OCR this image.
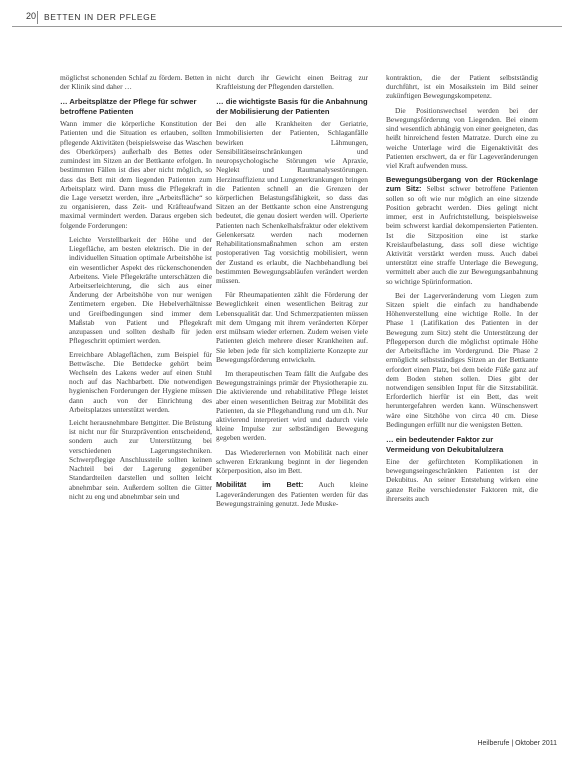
20 BETTEN IN DER PFLEGE

möglichst schonenden Schlaf zu fördern. Betten in der Klinik sind daher …

… Arbeitsplätze der Pflege für schwer betroffene Patienten

Wann immer die körperliche Konstitution der Patienten und die Situation es erlauben, sollten pflegende Aktivitäten (beispielsweise das Waschen des Oberkörpers) außerhalb des Bettes oder zumindest im Sitzen an der Bettkante erfolgen. In bestimmten Fällen ist dies aber nicht möglich, so dass das Bett mit dem liegenden Patienten zum Arbeitsplatz wird. Dann muss die Pflegekraft in die Lage versetzt werden, ihre „Arbeitsfläche“ so zu organisieren, dass Zeit- und Kräfteaufwand maximal vermindert werden. Daraus ergeben sich folgende Forderungen:

• Leichte Verstellbarkeit der Höhe und der Liegefläche, am besten elektrisch. Die in der individuellen Situation optimale Arbeitshöhe ist ein wesentlicher Aspekt des rückenschonenden Arbeitens. Viele Pflegekräfte unterschätzen die Arbeitserleichterung, die sich aus einer Änderung der Arbeitshöhe von nur wenigen Zentimetern ergeben. Die Hebelverhältnisse und Greifbedingungen sind immer dem Maßstab von Patient und Pflegekraft anzupassen und sollten deshalb für jeden Pflegeschritt optimiert werden.
• Erreichbare Ablageflächen, zum Beispiel für Bettwäsche. Die Bettdecke gehört beim Wechseln des Lakens weder auf einen Stuhl noch auf das Nachbarbett. Die notwendigen hygienischen Forderungen der Hygiene müssen dann auch von der Einrichtung des Arbeitsplatzes unterstützt werden.
• Leicht herausnehmbare Bettgitter. Die Brüstung ist nicht nur für Sturzprävention entscheidend, sondern auch zur Unterstützung bei verschiedenen Lagerungstechniken. Schwerpflegige Anschlussteile sollten keinen Nachteil bei der Lagerung gegenüber Standardteilen darstellen und sollten leicht abnehmbar sein. Außerdem sollten die Gitter nicht zu eng und abnehmbar sein und

nicht durch ihr Gewicht einen Beitrag zur Kraftleistung der Pflegenden darstellen.

… die wichtigste Basis für die Anbahnung der Mobilisierung der Patienten

Bei den alle Krankheiten der Geriatrie, Immobilisierten der Patienten, Schlaganfälle bewirken Lähmungen, Sensibilitätseinschränkungen und neuropsychologische Störungen wie Apraxie, Neglekt und Raumanalysestörungen. Herzinsuffizienz und Lungenerkrankungen bringen die Patienten schnell an die Grenzen der körperlichen Belastungsfähigkeit, so dass das Sitzen an der Bettkante schon eine Anstrengung bedeutet, die genau dosiert werden will. Operierte Patienten nach Schenkelhalsfraktur oder elektivem Gelenkersatz werden nach modernen Rehabilitationsmaßnahmen schon am ersten postoperativen Tag vorsichtig mobilisiert, wenn der Zustand es erlaubt, die Nachbehandlung bei bestimmten Bewegungsabläufen verändert werden müssen.

Für Rheumapatienten zählt die Förderung der Beweglichkeit einen wesentlichen Beitrag zur Lebensqualität dar. Und Schmerzpatienten müssen mit dem Umgang mit ihrem veränderten Körper erst mühsam wieder erlernen. Zudem weisen viele Patienten gleich mehrere dieser Krankheiten auf. Sie leben jede für sich komplizierte Konzepte zur Bewegungsförderung entwickeln.

Im therapeutischen Team fällt die Aufgabe des Bewegungstrainings primär der Physiotherapie zu. Die aktivierende und rehabilitative Pflege leistet aber einen wesentlichen Beitrag zur Mobilität des Patienten, da sie Pflegehandlung rund um d.h. Nur aktivierend interpretiert wird und dadurch viele kleine Impulse zur selbständigen Bewegung gegeben werden.

Das Wiedererlernen von Mobilität nach einer schweren Erkrankung beginnt in der liegenden Körperposition, also im Bett.

Mobilität im Bett: Auch kleine Lageveränderungen des Patienten werden für das Bewegungstraining genutzt. Jede Muske-

kontraktion, die der Patient selbstständig durchführt, ist ein Mosaikstein im Bild seiner zukünftigen Bewegungskompetenz.

Die Positionswechsel werden bei der Bewegungsförderung von Liegenden. Bei einem sind wesentlich abhängig von einer geeigneten, das heißt hinreichend festen Matratze. Durch eine zu weiche Unterlage wird die Eigenaktivität des Patienten erschwert, da er für Lageveränderungen viel Kraft aufwenden muss.

Bewegungsübergang von der Rückenlage zum Sitz: Selbst schwer betroffene Patienten sollen so oft wie nur möglich an eine sitzende Position gebracht werden. Dies gelingt nicht immer, erst in Aufrichtstellung, beispielsweise beim schwerst kardial dekompensierten Patienten. Ist die Sitzposition eine ist starke Kreislaufbelastung, dass soll diese wichtige Aktivität verstärkt werden muss. Auch dabei unterstützt eine straffe Unterlage die Bewegung, vermittelt aber auch die zur Bewegungsanbahnung so wichtige Spürinformation.

Bei der Lagerveränderung vom Liegen zum Sitzen spielt die einfach zu handhabende Höhenverstellung eine wichtige Rolle. In der Phase 1 (Latifikation des Patienten in der Bewegung zum Sitz) steht die Unterstützung der Pflegeperson durch die möglichst optimale Höhe der Arbeitsfläche im Vordergrund. Die Phase 2 ermöglicht selbstständiges Sitzen an der Bettkante erfordert einen Platz, bei dem beide Füße ganz auf dem Boden stehen sollen. Dies gibt der notwendigen sensiblen Input für die Sitzstabilität. Erforderlich hierfür ist ein Bett, das weit heruntergefahren werden kann. Wünschenswert wäre eine Sitzhöhe von circa 40 cm. Diese Bedingungen erfüllt nur die wenigsten Betten.

… ein bedeutender Faktor zur Vermeidung von Dekubitalulzera

Eine der gefürchteten Komplikationen in bewegungseingeschränkten Patienten ist der Dekubitus. An seiner Entstehung wirken eine ganze Reihe verschiedenster Faktoren mit, die ihrerseits auch

Heilberufe | Oktober 2011
